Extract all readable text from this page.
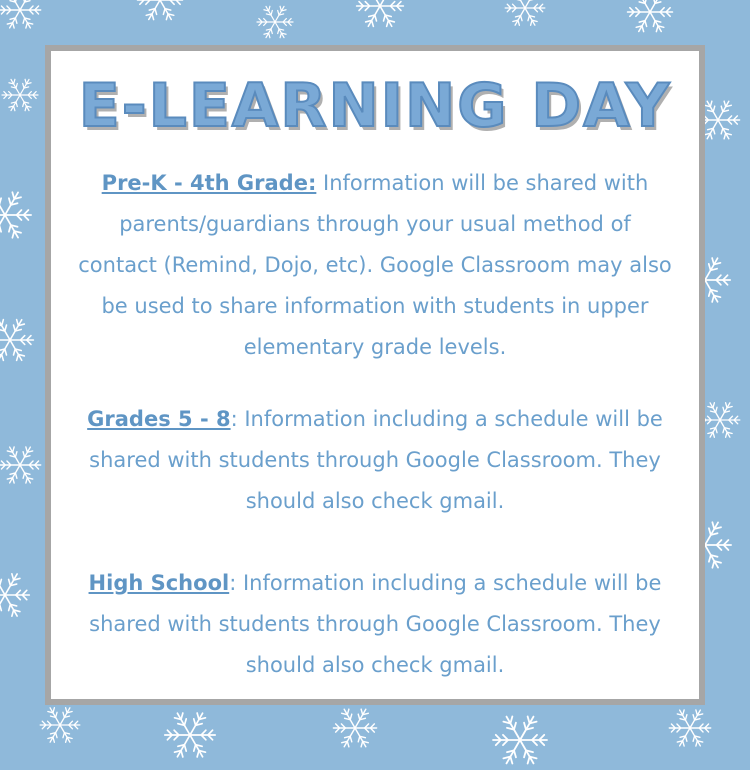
E-LEARNING DAY

Pre-K - 4th Grade: Information will be shared with parents/guardians through your usual method of contact (Remind, Dojo, etc). Google Classroom may also be used to share information with students in upper elementary grade levels.

Grades 5 - 8: Information including a schedule will be shared with students through Google Classroom. They should also check gmail.

High School: Information including a schedule will be shared with students through Google Classroom. They should also check gmail.
